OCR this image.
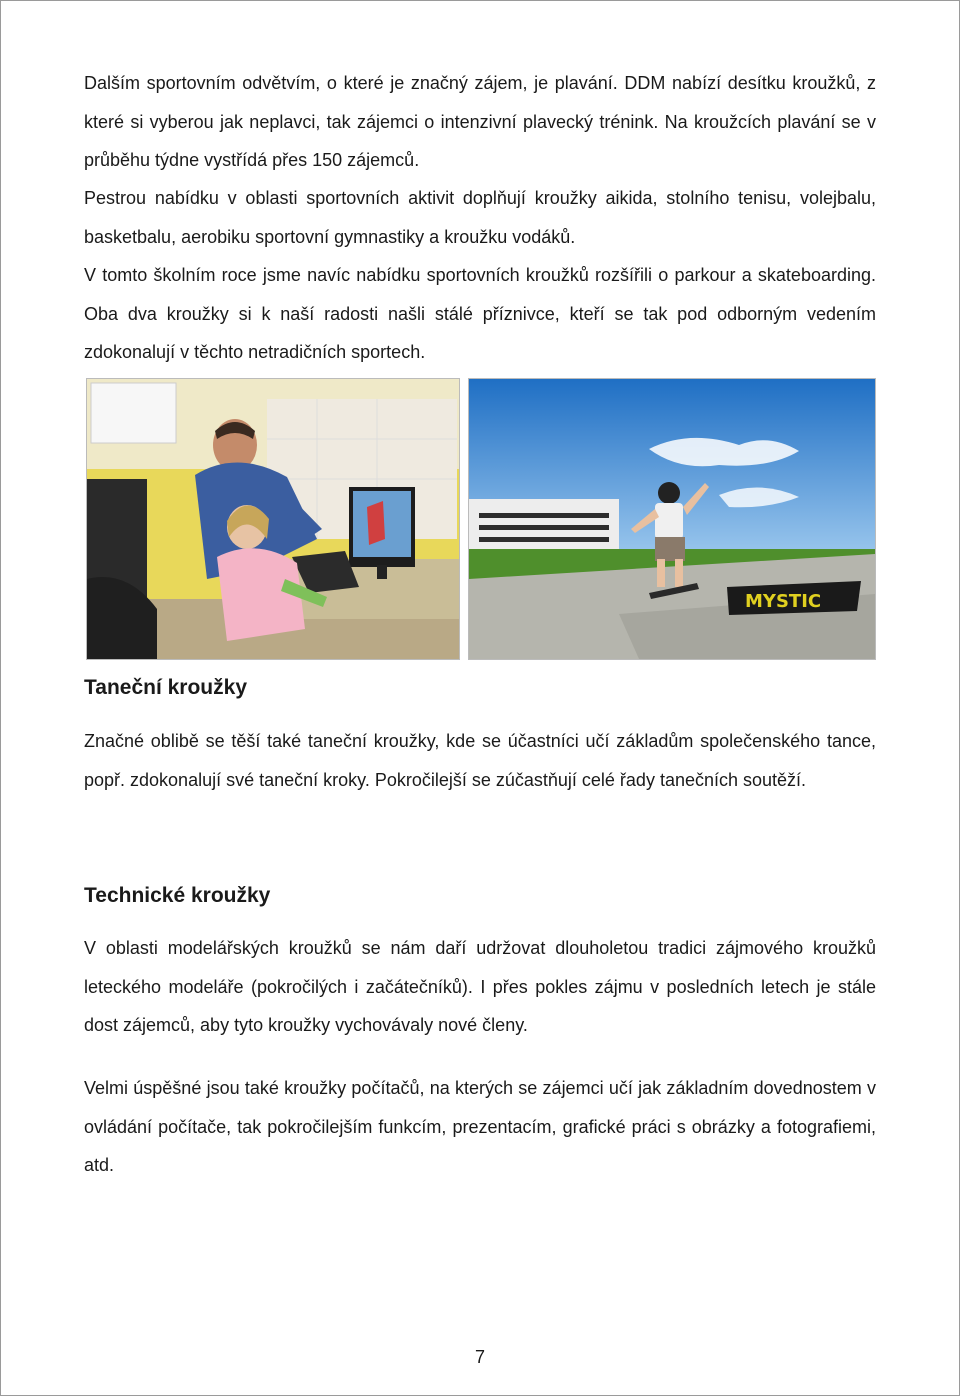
Dalším sportovním odvětvím, o které je značný zájem, je plavání. DDM nabízí desítku kroužků, z které si vyberou jak neplavci, tak zájemci o intenzivní plavecký trénink. Na kroužcích plavání se v průběhu týdne vystřídá přes 150 zájemců.

Pestrou nabídku v oblasti sportovních aktivit doplňují kroužky aikida, stolního tenisu, volejbalu, basketbalu, aerobiku sportovní gymnastiky a kroužku vodáků.

V tomto školním roce jsme navíc nabídku sportovních kroužků rozšířili o parkour a skateboarding. Oba dva kroužky si k naší radosti našli stálé příznivce, kteří se tak pod odborným vedením zdokonalují v těchto netradičních sportech.

MYSTIC
Taneční kroužky

Značné oblibě se těší také taneční kroužky, kde se účastníci učí základům společenského tance, popř. zdokonalují své taneční kroky. Pokročilejší se zúčastňují celé řady tanečních soutěží.

Technické kroužky

V oblasti modelářských kroužků se nám daří udržovat dlouholetou tradici zájmového kroužků leteckého modeláře (pokročilých i začátečníků). I přes pokles zájmu v posledních letech je stále dost zájemců, aby tyto kroužky vychovávaly nové členy.

Velmi úspěšné jsou také kroužky počítačů, na kterých se zájemci učí jak základním dovednostem v ovládání počítače, tak pokročilejším funkcím, prezentacím, grafické práci s obrázky a fotografiemi, atd.

7
